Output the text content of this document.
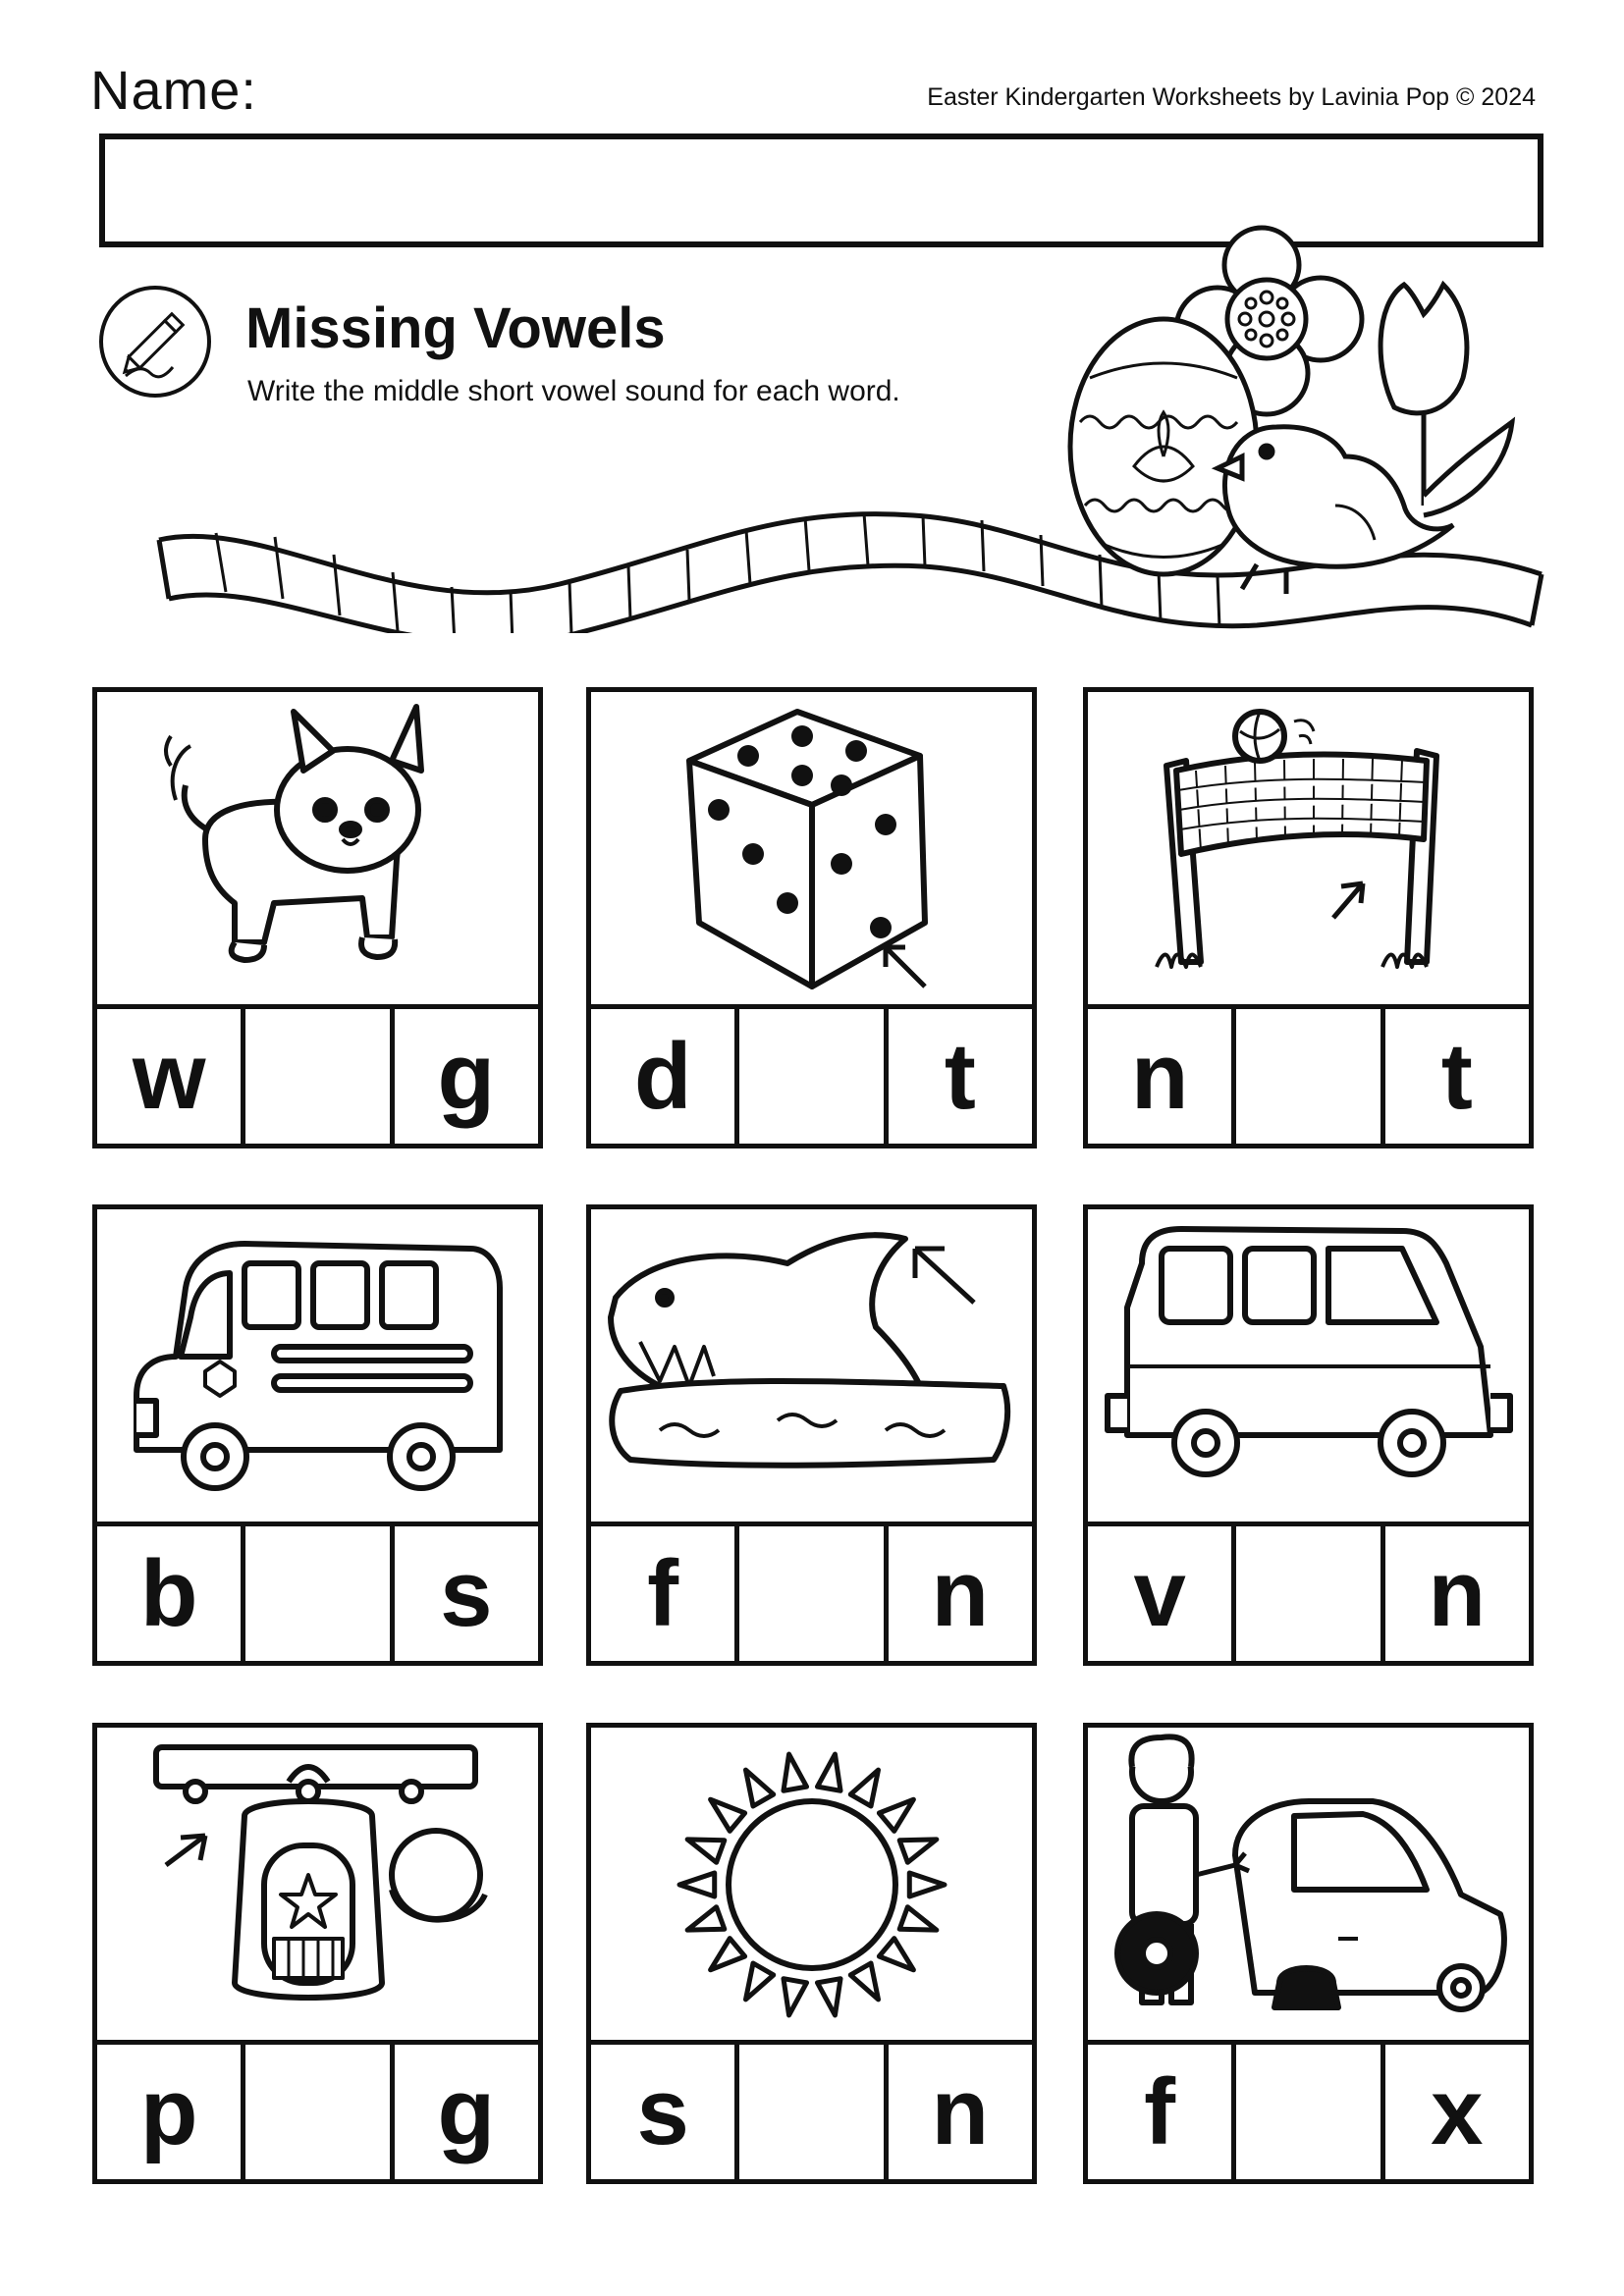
Name:	Easter Kindergarten Worksheets by Lavinia Pop © 2024
Missing Vowels
Write the middle short vowel sound for each word.
w	g	d	t	n	t
b	s	f	n	v	n
p	g	s	n	f	x
